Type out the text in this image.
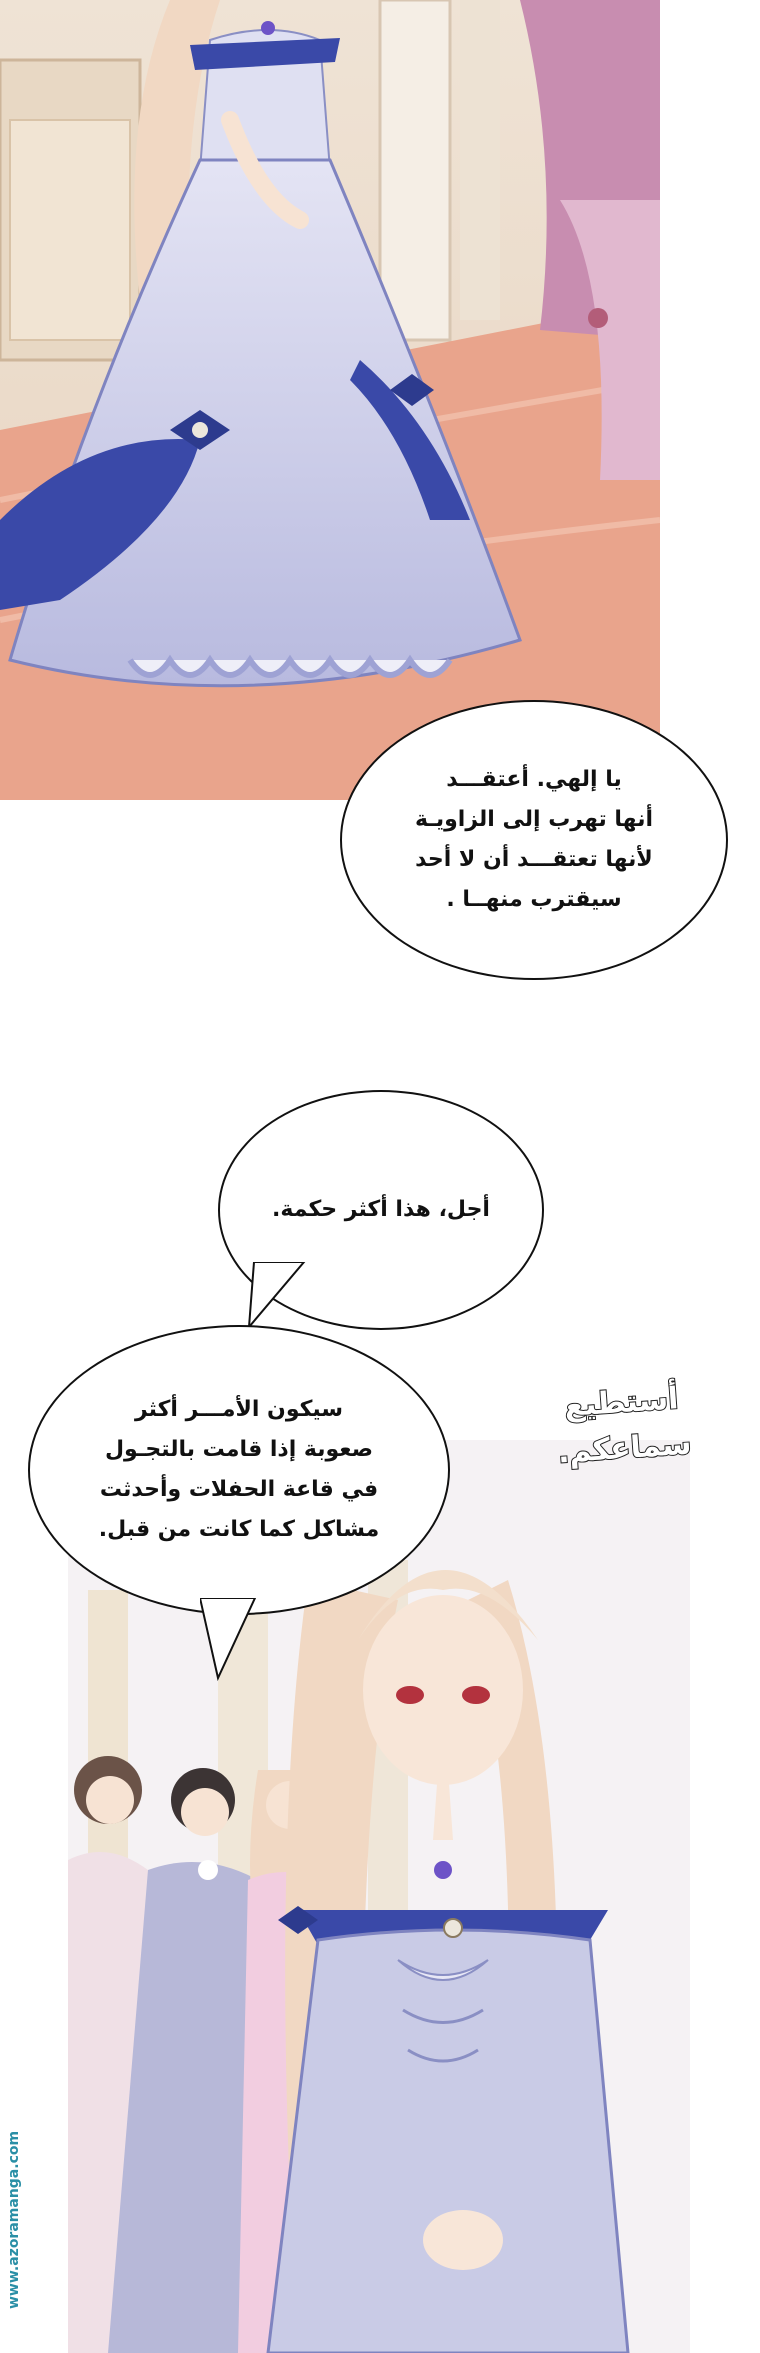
يا إلهي. أعتقـــد
أنها تهرب إلى الزاويـة
لأنها تعتقـــد أن لا أحد
سيقترب منهــا .
أجل، هذا أكثر حكمة.
سيكون الأمـــر أكثر
صعوبة إذا قامت بالتجـول
في قاعة الحفلات وأحدثت
مشاكل كما كانت من قبل.
أستطيع
سماعكم.
www.azoramanga.com
